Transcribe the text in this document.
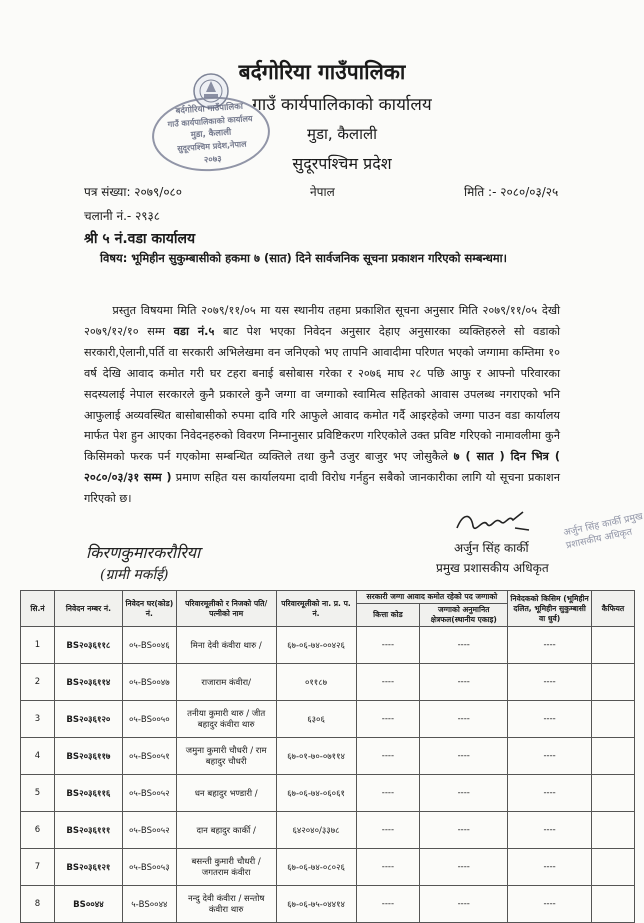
बर्दगोरिया गाउँपालिका
गाउँ कार्यपालिकाको कार्यालय
मुडा, कैलाली
सुदूरपश्चिम प्रदेश
बर्दगोरिया गाउँपालिका
गाउँ कार्यपालिकाको कार्यालय
मुडा, कैलाली
सुदूरपश्चिम प्रदेश,नेपाल
२०७३
पत्र संख्या: २०७९/०८०	नेपाल	मिति :- २०८०/०३/२५
चलानी नं.- २९३८
श्री ५ नं.वडा कार्यालय
विषय: भूमिहीन सुकुम्बासीको हकमा ७ (सात) दिने सार्वजनिक सूचना प्रकाशन गरिएको सम्बन्धमा।
प्रस्तुत विषयमा मिति २०७९/११/०५ मा यस स्थानीय तहमा प्रकाशित सूचना अनुसार मिति २०७९/११/०५ देखी २०७९/१२/१० सम्म वडा नं.५ बाट पेश भएका निवेदन अनुसार देहाए अनुसारका व्यक्तिहरुले सो वडाको सरकारी,ऐलानी,पर्ति वा सरकारी अभिलेखमा वन जनिएको भए तापनि आवादीमा परिणत भएको जग्गामा कम्तिमा १० वर्ष देखि आवाद कमोत गरी घर टहरा बनाई बसोबास गरेका र २०७६ माघ २८ पछि आफु र आफ्नो परिवारका सदस्यलाई नेपाल सरकारले कुनै प्रकारले कुनै जग्गा वा जग्गाको स्वामित्व सहितको आवास उपलब्ध नगराएको भनि आफुलाई अव्यवस्थित बासोबासीको रुपमा दावि गरि आफुले आवाद कमोत गर्दै आइरहेको जग्गा पाउन वडा कार्यालय मार्फत पेश हुन आएका निवेदनहरुको विवरण निम्नानुसार प्रविष्टिकरण गरिएकोले उक्त प्रविष्ट गरिएको नामावलीमा कुनै किसिमको फरक पर्न गएकोमा सम्बन्धित व्यक्तिले तथा कुनै उजुर बाजुर भए जोसुकैले ७ ( सात ) दिन भित्र ( २०८०/०३/३१ सम्म ) प्रमाण सहित यस कार्यालयमा दावी विरोध गर्नहुन सबैको जानकारीका लागि यो सूचना प्रकाशन गरिएको छ।
अर्जुन सिंह कार्की प्रमुख प्रशासकीय अधिकृत
अर्जुन सिंह कार्की
प्रमुख प्रशासकीय अधिकृत
किरणकुमारकरौरिया
(ग्रामी मर्काई)
सि.नं	निवेदन नम्बर नं.	निवेदन घर(कोड) नं.	परिवारमूलीको र निजको पति/पत्नीको नाम	परिवारमूलीको ना. प्र. प. नं.	सरकारी जग्गा आवाद कमोत रहेको पद जग्गाको		निवेदकको किसिम (भूमिहीन दलित, भूमिहीन सुकुम्बासी वा धुर्व)	कैफियत
					कित्ता कोड	जग्गाको अनुमानित क्षेत्रफल(स्थानीय एकाइ)		
1	BS२०३६११८	०५-BS००४६	मिना देवी कंवीरा थारु /	६७-०६-७४-००४२६	----	----	----	
2	BS२०३६११४	०५-BS००४७	राजाराम कंवीरा/	०११८७	----	----	----	
3	BS२०३६१२०	०५-BS००५०	तनीया कुमारी थारु / जीत बहादुर कंवीरा थारु	६३०६	----	----	----	
4	BS२०३६११७	०५-BS००५१	जमुना कुमारी चौधरी / राम बहादुर चौधरी	६७-०१-७०-०७११४	----	----	----	
5	BS२०३६११६	०५-BS००५२	धन बहादुर भण्डारी /	६७-०६-७४-०६०६१	----	----	----	
6	BS२०३६१११	०५-BS००५२	दान बहादुर कार्की /	६४२०४०/३३७८	----	----	----	
7	BS२०३६१२१	०५-BS००५३	बसन्ती कुमारी चौधरी / जगतराम कंवीरा	६७-०६-७४-०८०२६	----	----	----	
8	BS००४४	५-BS००४४	नन्दु देवी कंवीरा / सन्तोष कंवीरा थारु	६७-०६-७५-०४४१४	----	----	----	
